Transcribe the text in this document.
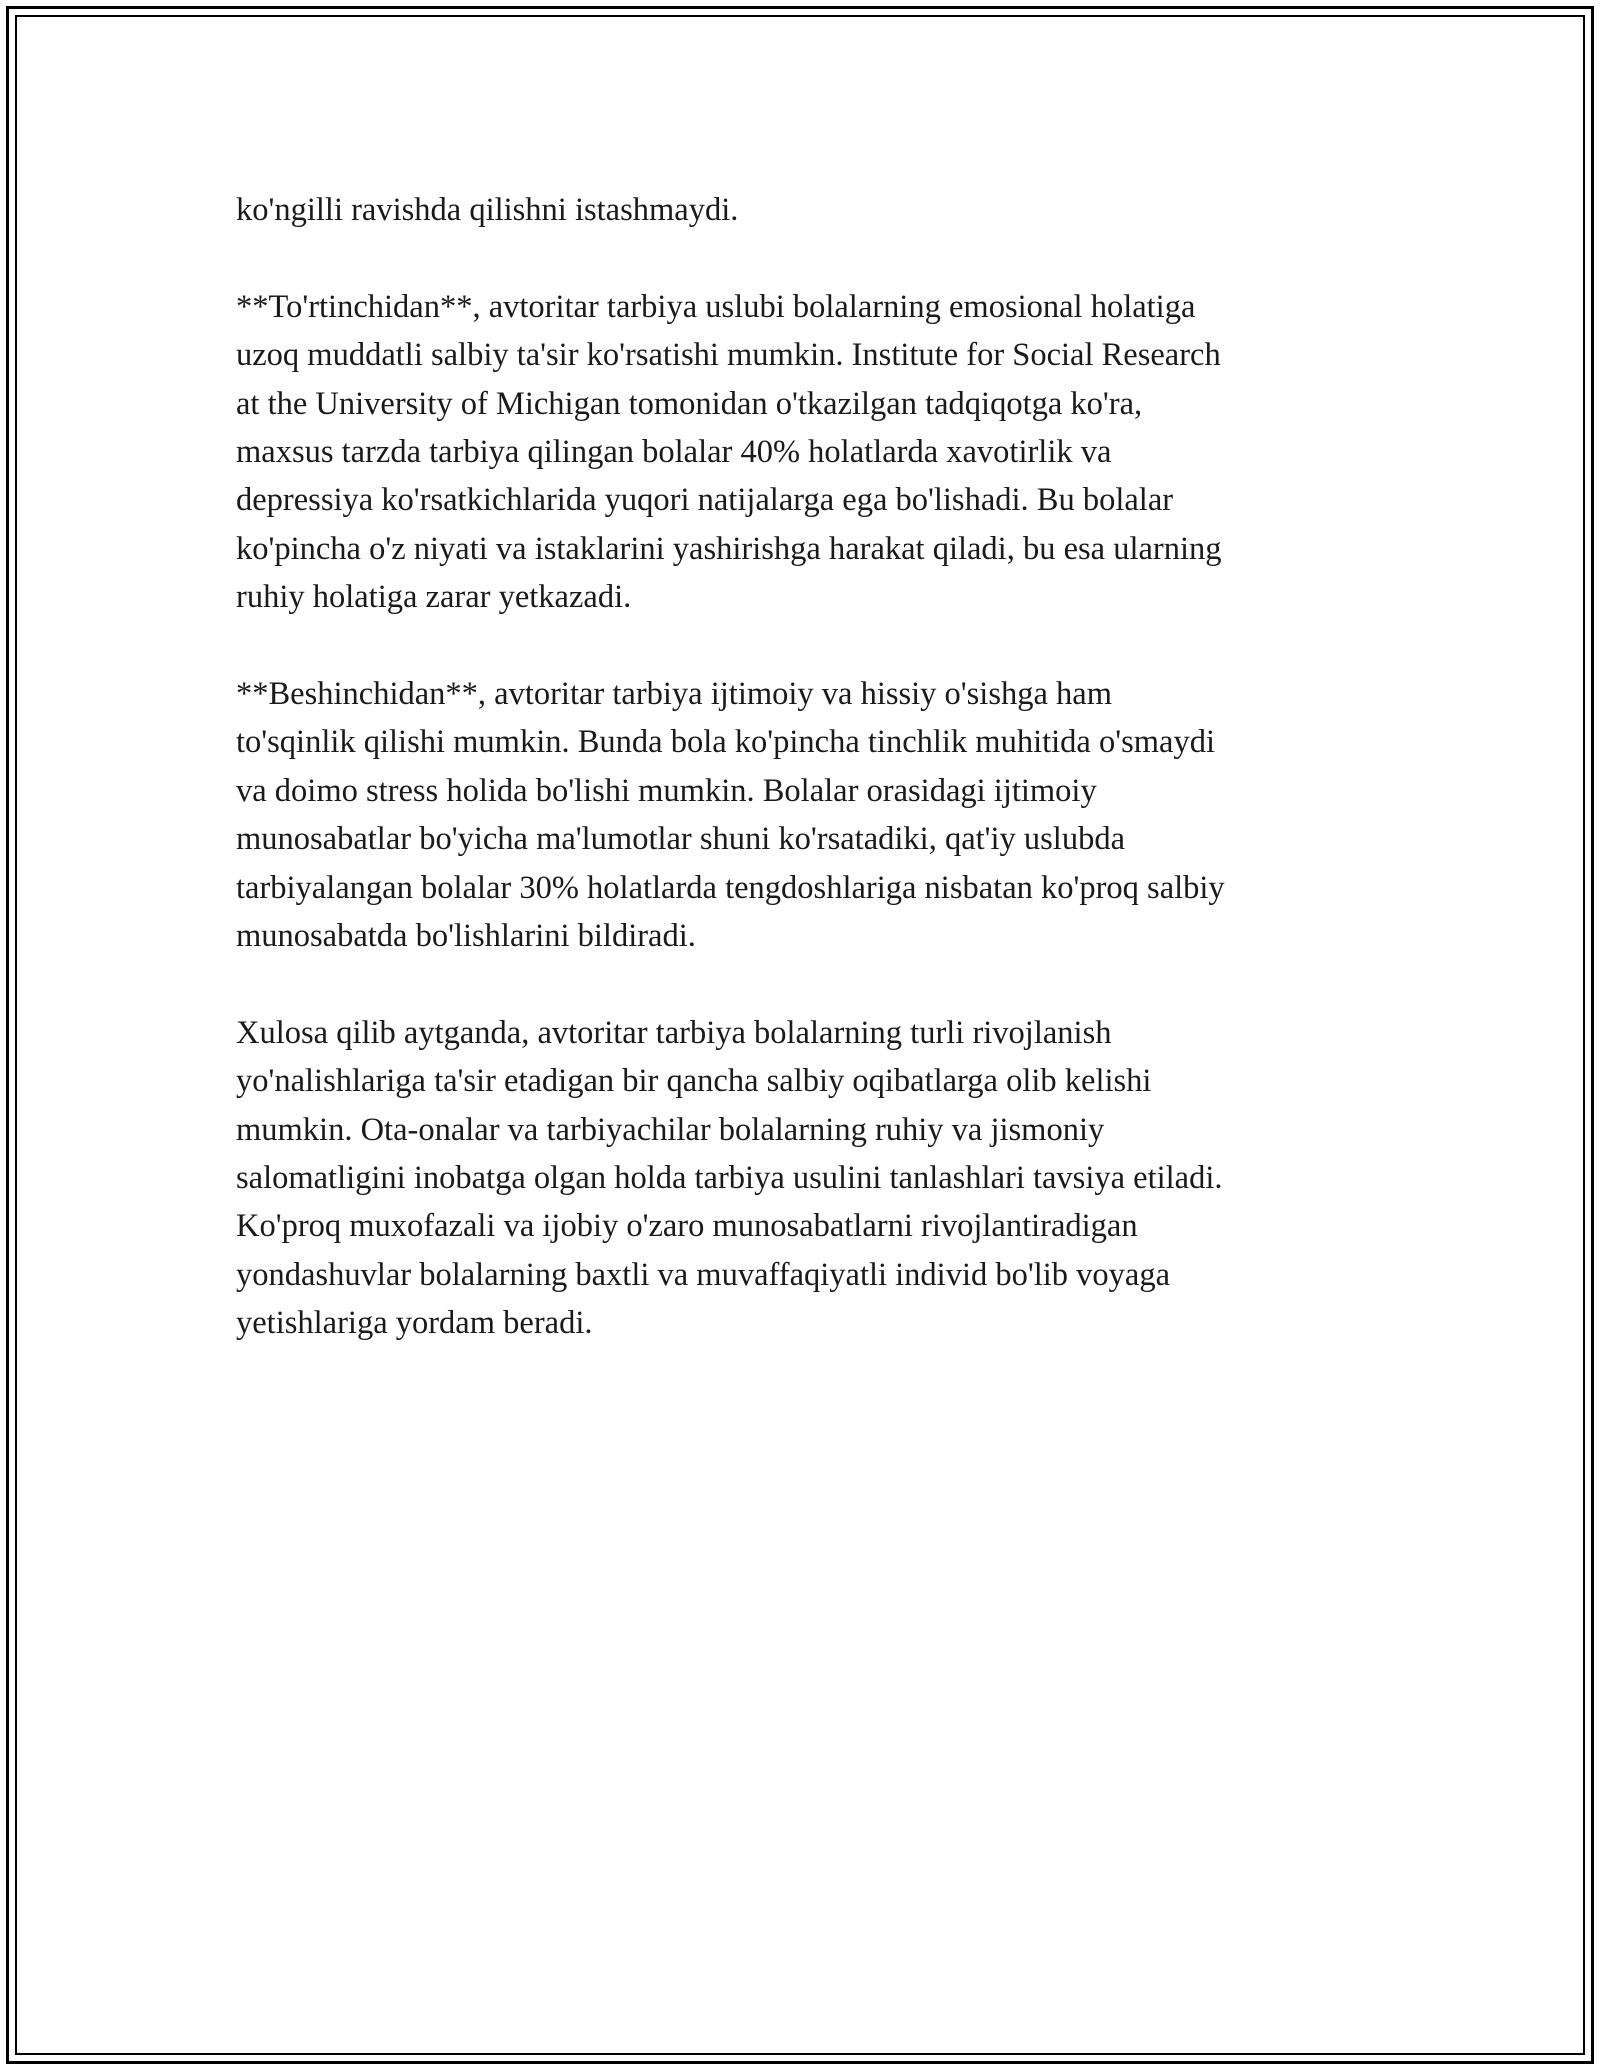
ko'ngilli ravishda qilishni istashmaydi.

**To'rtinchidan**, avtoritar tarbiya uslubi bolalarning emosional holatiga
uzoq muddatli salbiy ta'sir ko'rsatishi mumkin. Institute for Social Research
at the University of Michigan tomonidan o'tkazilgan tadqiqotga ko'ra,
maxsus tarzda tarbiya qilingan bolalar 40% holatlarda xavotirlik va
depressiya ko'rsatkichlarida yuqori natijalarga ega bo'lishadi. Bu bolalar
ko'pincha o'z niyati va istaklarini yashirishga harakat qiladi, bu esa ularning
ruhiy holatiga zarar yetkazadi.

**Beshinchidan**, avtoritar tarbiya ijtimoiy va hissiy o'sishga ham
to'sqinlik qilishi mumkin. Bunda bola ko'pincha tinchlik muhitida o'smaydi
va doimo stress holida bo'lishi mumkin. Bolalar orasidagi ijtimoiy
munosabatlar bo'yicha ma'lumotlar shuni ko'rsatadiki, qat'iy uslubda
tarbiyalangan bolalar 30% holatlarda tengdoshlariga nisbatan ko'proq salbiy
munosabatda bo'lishlarini bildiradi.

Xulosa qilib aytganda, avtoritar tarbiya bolalarning turli rivojlanish
yo'nalishlariga ta'sir etadigan bir qancha salbiy oqibatlarga olib kelishi
mumkin. Ota-onalar va tarbiyachilar bolalarning ruhiy va jismoniy
salomatligini inobatga olgan holda tarbiya usulini tanlashlari tavsiya etiladi.
Ko'proq muxofazali va ijobiy o'zaro munosabatlarni rivojlantiradigan
yondashuvlar bolalarning baxtli va muvaffaqiyatli individ bo'lib voyaga
yetishlariga yordam beradi.
